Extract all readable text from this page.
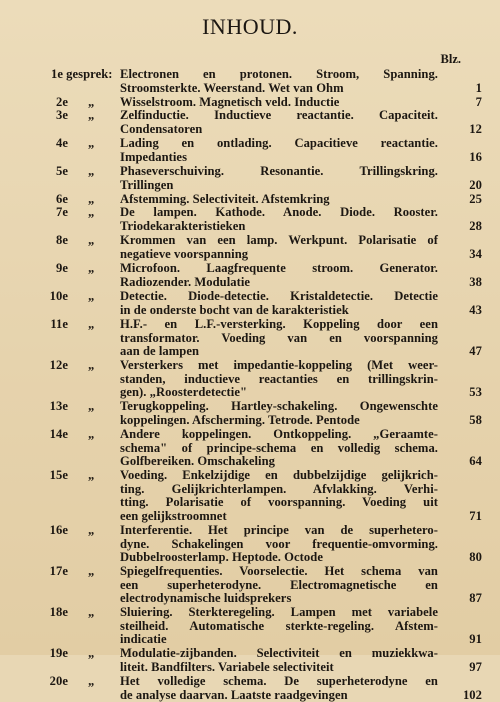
INHOUD.
Blz.
1e gesprek: Electronen en protonen. Stroom, Spanning.
Stroomsterkte. Weerstand. Wet van Ohm	1
2e „ Wisselstroom. Magnetisch veld. Inductie	7
3e „ Zelfinductie. Inductieve reactantie. Capaciteit.
Condensatoren	12
4e „ Lading en ontlading. Capacitieve reactantie.
Impedanties	16
5e „ Phaseverschuiving. Resonantie. Trillingskring.
Trillingen	20
6e „ Afstemming. Selectiviteit. Afstemkring	25
7e „ De lampen. Kathode. Anode. Diode. Rooster.
Triodekarakteristieken	28
8e „ Krommen van een lamp. Werkpunt. Polarisatie of
negatieve voorspanning	34
9e „ Microfoon. Laagfrequente stroom. Generator.
Radiozender. Modulatie	38
10e „ Detectie. Diode-detectie. Kristaldetectie. Detectie
in de onderste bocht van de karakteristiek	43
11e „ H.F.- en L.F.-versterking. Koppeling door een
transformator. Voeding van en voorspanning
aan de lampen	47
12e „ Versterkers met impedantie-koppeling (Met weer-
standen, inductieve reactanties en trillingskrin-
gen). „Roosterdetectie"	53
13e „ Terugkoppeling. Hartley-schakeling. Ongewenschte
koppelingen. Afscherming. Tetrode. Pentode	58
14e „ Andere koppelingen. Ontkoppeling. „Geraamte-
schema" of principe-schema en volledig schema.
Golfbereiken. Omschakeling	64
15e „ Voeding. Enkelzijdige en dubbelzijdige gelijkrich-
ting. Gelijkrichterlampen. Afvlakking. Verhi-
tting. Polarisatie of voorspanning. Voeding uit
een gelijkstroomnet	71
16e „ Interferentie. Het principe van de superhetero-
dyne. Schakelingen voor frequentie-omvorming.
Dubbelroosterlamp. Heptode. Octode	80
17e „ Spiegelfrequenties. Voorselectie. Het schema van
een superheterodyne. Electromagnetische en
electrodynamische luidsprekers	87
18e „ Sluiering. Sterkteregeling. Lampen met variabele
steilheid. Automatische sterkte-regeling. Afstem-
indicatie	91
19e „ Modulatie-zijbanden. Selectiviteit en muziekkwa-
liteit. Bandfilters. Variabele selectiviteit	97
20e „ Het volledige schema. De superheterodyne en
de analyse daarvan. Laatste raadgevingen	102
